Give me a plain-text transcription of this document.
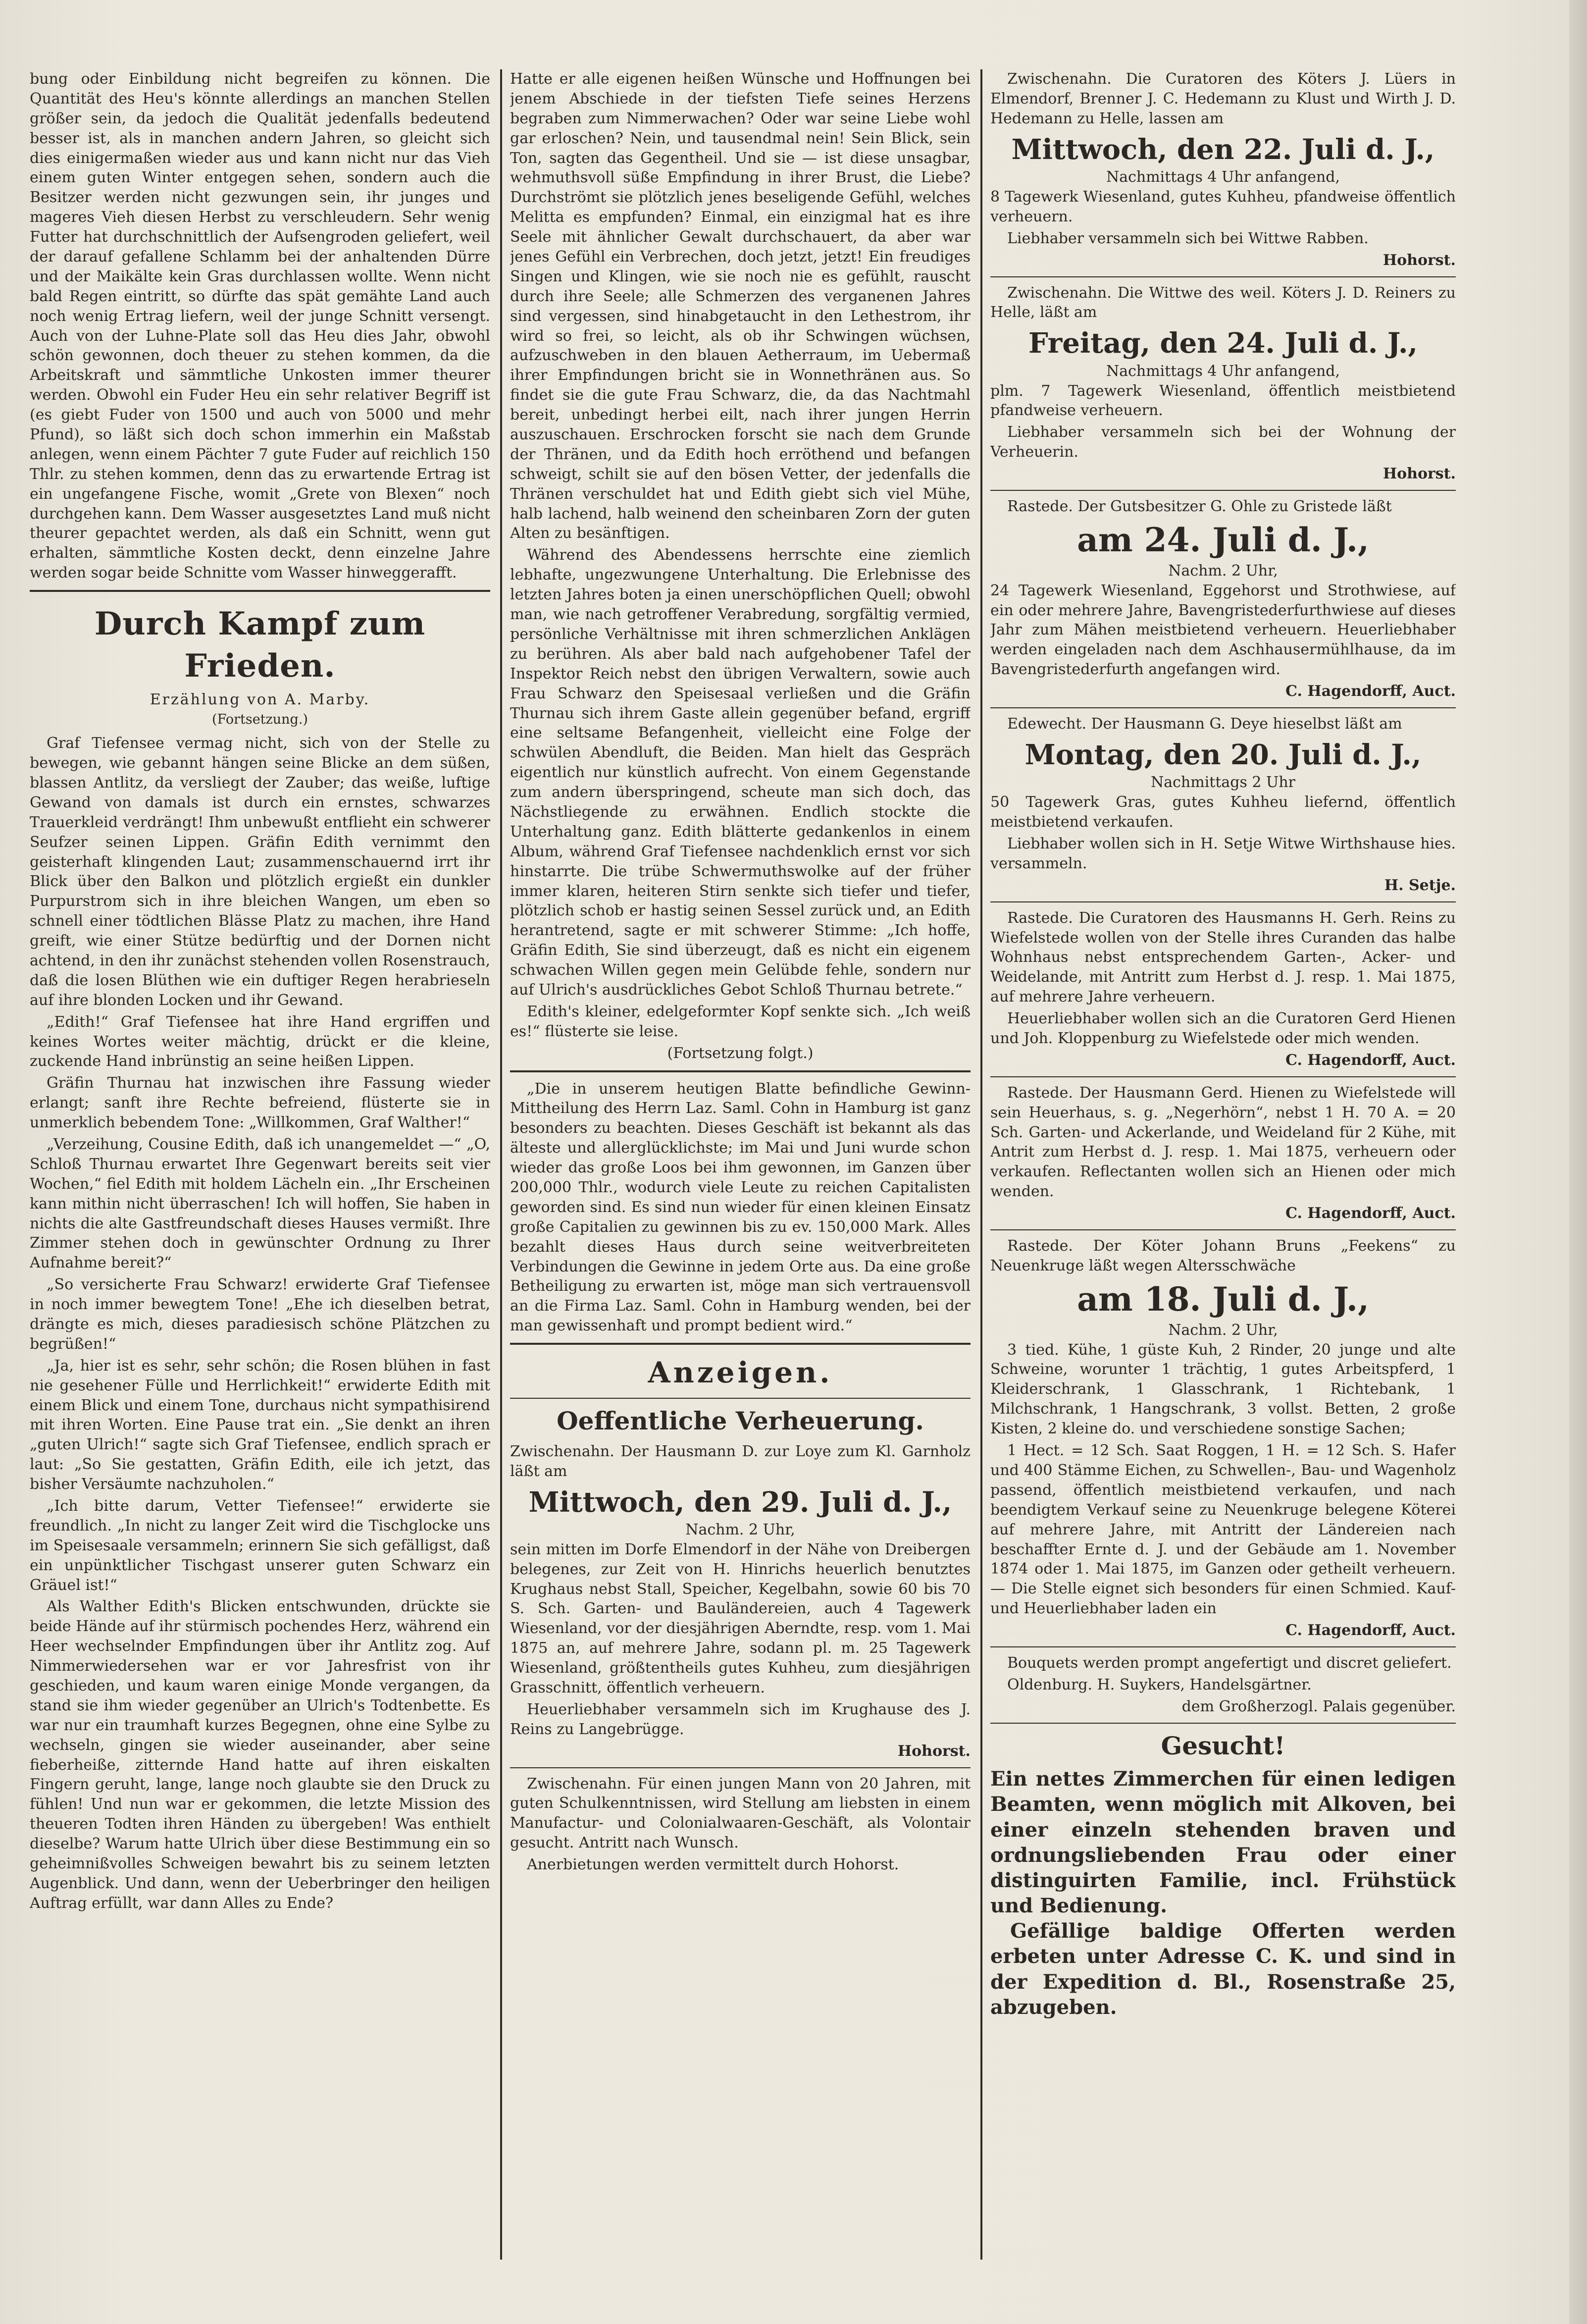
bung oder Einbildung nicht begreifen zu können. Die Quantität des Heu's könnte allerdings an manchen Stellen größer sein, da jedoch die Qualität jedenfalls bedeutend besser ist, als in manchen andern Jahren, so gleicht sich dies einigermaßen wieder aus und kann nicht nur das Vieh einem guten Winter entgegen sehen, sondern auch die Besitzer werden nicht gezwungen sein, ihr junges und mageres Vieh diesen Herbst zu verschleudern. Sehr wenig Futter hat durchschnittlich der Aufsengroden geliefert, weil der darauf gefallene Schlamm bei der anhaltenden Dürre und der Maikälte kein Gras durchlassen wollte. Wenn nicht bald Regen eintritt, so dürfte das spät gemähte Land auch noch wenig Ertrag liefern, weil der junge Schnitt versengt. Auch von der Luhne-Plate soll das Heu dies Jahr, obwohl schön gewonnen, doch theuer zu stehen kommen, da die Arbeitskraft und sämmtliche Unkosten immer theurer werden. Obwohl ein Fuder Heu ein sehr relativer Begriff ist (es giebt Fuder von 1500 und auch von 5000 und mehr Pfund), so läßt sich doch schon immerhin ein Maßstab anlegen, wenn einem Pächter 7 gute Fuder auf reichlich 150 Thlr. zu stehen kommen, denn das zu erwartende Ertrag ist ein ungefangene Fische, womit „Grete von Blexen“ noch durchgehen kann. Dem Wasser ausgesetztes Land muß nicht theurer gepachtet werden, als daß ein Schnitt, wenn gut erhalten, sämmtliche Kosten deckt, denn einzelne Jahre werden sogar beide Schnitte vom Wasser hinweggerafft.

Durch Kampf zum Frieden.
Erzählung von A. Marby.
(Fortsetzung.)

Graf Tiefensee vermag nicht, sich von der Stelle zu bewegen, wie gebannt hängen seine Blicke an dem süßen, blassen Antlitz, da versliegt der Zauber; das weiße, luftige Gewand von damals ist durch ein ernstes, schwarzes Trauerkleid verdrängt! Ihm unbewußt entflieht ein schwerer Seufzer seinen Lippen. Gräfin Edith vernimmt den geisterhaft klingenden Laut; zusammenschauernd irrt ihr Blick über den Balkon und plötzlich ergießt ein dunkler Purpurstrom sich in ihre bleichen Wangen, um eben so schnell einer tödtlichen Blässe Platz zu machen, ihre Hand greift, wie einer Stütze bedürftig und der Dornen nicht achtend, in den ihr zunächst stehenden vollen Rosenstrauch, daß die losen Blüthen wie ein duftiger Regen herabrieseln auf ihre blonden Locken und ihr Gewand.

„Edith!“ Graf Tiefensee hat ihre Hand ergriffen und keines Wortes weiter mächtig, drückt er die kleine, zuckende Hand inbrünstig an seine heißen Lippen.

Gräfin Thurnau hat inzwischen ihre Fassung wieder erlangt; sanft ihre Rechte befreiend, flüsterte sie in unmerklich bebendem Tone: „Willkommen, Graf Walther!“

„Verzeihung, Cousine Edith, daß ich unangemeldet —“ „O, Schloß Thurnau erwartet Ihre Gegenwart bereits seit vier Wochen,“ fiel Edith mit holdem Lächeln ein. „Ihr Erscheinen kann mithin nicht überraschen! Ich will hoffen, Sie haben in nichts die alte Gastfreundschaft dieses Hauses vermißt. Ihre Zimmer stehen doch in gewünschter Ordnung zu Ihrer Aufnahme bereit?“

„So versicherte Frau Schwarz! erwiderte Graf Tiefensee in noch immer bewegtem Tone! „Ehe ich dieselben betrat, drängte es mich, dieses paradiesisch schöne Plätzchen zu begrüßen!“

„Ja, hier ist es sehr, sehr schön; die Rosen blühen in fast nie gesehener Fülle und Herrlichkeit!“ erwiderte Edith mit einem Blick und einem Tone, durchaus nicht sympathisirend mit ihren Worten. Eine Pause trat ein. „Sie denkt an ihren „guten Ulrich!“ sagte sich Graf Tiefensee, endlich sprach er laut: „So Sie gestatten, Gräfin Edith, eile ich jetzt, das bisher Versäumte nachzuholen.“

„Ich bitte darum, Vetter Tiefensee!“ erwiderte sie freundlich. „In nicht zu langer Zeit wird die Tischglocke uns im Speisesaale versammeln; erinnern Sie sich gefälligst, daß ein unpünktlicher Tischgast unserer guten Schwarz ein Gräuel ist!“

Als Walther Edith's Blicken entschwunden, drückte sie beide Hände auf ihr stürmisch pochendes Herz, während ein Heer wechselnder Empfindungen über ihr Antlitz zog. Auf Nimmerwiedersehen war er vor Jahresfrist von ihr geschieden, und kaum waren einige Monde vergangen, da stand sie ihm wieder gegenüber an Ulrich's Todtenbette. Es war nur ein traumhaft kurzes Begegnen, ohne eine Sylbe zu wechseln, gingen sie wieder auseinander, aber seine fieberheiße, zitternde Hand hatte auf ihren eiskalten Fingern geruht, lange, lange noch glaubte sie den Druck zu fühlen! Und nun war er gekommen, die letzte Mission des theueren Todten ihren Händen zu übergeben! Was enthielt dieselbe? Warum hatte Ulrich über diese Bestimmung ein so geheimnißvolles Schweigen bewahrt bis zu seinem letzten Augenblick. Und dann, wenn der Ueberbringer den heiligen Auftrag erfüllt, war dann Alles zu Ende?

Hatte er alle eigenen heißen Wünsche und Hoffnungen bei jenem Abschiede in der tiefsten Tiefe seines Herzens begraben zum Nimmerwachen? Oder war seine Liebe wohl gar erloschen? Nein, und tausendmal nein! Sein Blick, sein Ton, sagten das Gegentheil. Und sie — ist diese unsagbar, wehmuthsvoll süße Empfindung in ihrer Brust, die Liebe? Durchströmt sie plötzlich jenes beseligende Gefühl, welches Melitta es empfunden? Einmal, ein einzigmal hat es ihre Seele mit ähnlicher Gewalt durchschauert, da aber war jenes Gefühl ein Verbrechen, doch jetzt, jetzt! Ein freudiges Singen und Klingen, wie sie noch nie es gefühlt, rauscht durch ihre Seele; alle Schmerzen des verganenen Jahres sind vergessen, sind hinabgetaucht in den Lethestrom, ihr wird so frei, so leicht, als ob ihr Schwingen wüchsen, aufzuschweben in den blauen Aetherraum, im Uebermaß ihrer Empfindungen bricht sie in Wonnethränen aus. So findet sie die gute Frau Schwarz, die, da das Nachtmahl bereit, unbedingt herbei eilt, nach ihrer jungen Herrin auszuschauen. Erschrocken forscht sie nach dem Grunde der Thränen, und da Edith hoch erröthend und befangen schweigt, schilt sie auf den bösen Vetter, der jedenfalls die Thränen verschuldet hat und Edith giebt sich viel Mühe, halb lachend, halb weinend den scheinbaren Zorn der guten Alten zu besänftigen.

Während des Abendessens herrschte eine ziemlich lebhafte, ungezwungene Unterhaltung. Die Erlebnisse des letzten Jahres boten ja einen unerschöpflichen Quell; obwohl man, wie nach getroffener Verabredung, sorgfältig vermied, persönliche Verhältnisse mit ihren schmerzlichen Anklägen zu berühren. Als aber bald nach aufgehobener Tafel der Inspektor Reich nebst den übrigen Verwaltern, sowie auch Frau Schwarz den Speisesaal verließen und die Gräfin Thurnau sich ihrem Gaste allein gegenüber befand, ergriff eine seltsame Befangenheit, vielleicht eine Folge der schwülen Abendluft, die Beiden. Man hielt das Gespräch eigentlich nur künstlich aufrecht. Von einem Gegenstande zum andern überspringend, scheute man sich doch, das Nächstliegende zu erwähnen. Endlich stockte die Unterhaltung ganz. Edith blätterte gedankenlos in einem Album, während Graf Tiefensee nachdenklich ernst vor sich hinstarrte. Die trübe Schwermuthswolke auf der früher immer klaren, heiteren Stirn senkte sich tiefer und tiefer, plötzlich schob er hastig seinen Sessel zurück und, an Edith herantretend, sagte er mit schwerer Stimme: „Ich hoffe, Gräfin Edith, Sie sind überzeugt, daß es nicht ein eigenem schwachen Willen gegen mein Gelübde fehle, sondern nur auf Ulrich's ausdrückliches Gebot Schloß Thurnau betrete.“

Edith's kleiner, edelgeformter Kopf senkte sich. „Ich weiß es!“ flüsterte sie leise.

(Fortsetzung folgt.)

„Die in unserem heutigen Blatte befindliche Gewinn-Mittheilung des Herrn Laz. Saml. Cohn in Hamburg ist ganz besonders zu beachten. Dieses Geschäft ist bekannt als das älteste und allerglücklichste; im Mai und Juni wurde schon wieder das große Loos bei ihm gewonnen, im Ganzen über 200,000 Thlr., wodurch viele Leute zu reichen Capitalisten geworden sind. Es sind nun wieder für einen kleinen Einsatz große Capitalien zu gewinnen bis zu ev. 150,000 Mark. Alles bezahlt dieses Haus durch seine weitverbreiteten Verbindungen die Gewinne in jedem Orte aus. Da eine große Betheiligung zu erwarten ist, möge man sich vertrauensvoll an die Firma Laz. Saml. Cohn in Hamburg wenden, bei der man gewissenhaft und prompt bedient wird.“

Anzeigen.
Oeffentliche Verheuerung.

Zwischenahn. Der Hausmann D. zur Loye zum Kl. Garnholz läßt am

Mittwoch, den 29. Juli d. J.,
Nachm. 2 Uhr,

sein mitten im Dorfe Elmendorf in der Nähe von Dreibergen belegenes, zur Zeit von H. Hinrichs heuerlich benutztes Krughaus nebst Stall, Speicher, Kegelbahn, sowie 60 bis 70 S. Sch. Garten- und Bauländereien, auch 4 Tagewerk Wiesenland, vor der diesjährigen Aberndte, resp. vom 1. Mai 1875 an, auf mehrere Jahre, sodann pl. m. 25 Tagewerk Wiesenland, größtentheils gutes Kuhheu, zum diesjährigen Grasschnitt, öffentlich verheuern.

Heuerliebhaber versammeln sich im Krughause des J. Reins zu Langebrügge.

Hohorst.

Zwischenahn. Für einen jungen Mann von 20 Jahren, mit guten Schulkenntnissen, wird Stellung am liebsten in einem Manufactur- und Colonialwaaren-Geschäft, als Volontair gesucht. Antritt nach Wunsch.

Anerbietungen werden vermittelt durch Hohorst.

Zwischenahn. Die Curatoren des Köters J. Lüers in Elmendorf, Brenner J. C. Hedemann zu Klust und Wirth J. D. Hedemann zu Helle, lassen am

Mittwoch, den 22. Juli d. J.,
Nachmittags 4 Uhr anfangend,

8 Tagewerk Wiesenland, gutes Kuhheu, pfandweise öffentlich verheuern.

Liebhaber versammeln sich bei Wittwe Rabben.

Hohorst.

Zwischenahn. Die Wittwe des weil. Köters J. D. Reiners zu Helle, läßt am

Freitag, den 24. Juli d. J.,
Nachmittags 4 Uhr anfangend,

plm. 7 Tagewerk Wiesenland, öffentlich meistbietend pfandweise verheuern.

Liebhaber versammeln sich bei der Wohnung der Verheuerin.

Hohorst.

Rastede. Der Gutsbesitzer G. Ohle zu Gristede läßt

am 24. Juli d. J.,
Nachm. 2 Uhr,

24 Tagewerk Wiesenland, Eggehorst und Strothwiese, auf ein oder mehrere Jahre, Bavengristederfurthwiese auf dieses Jahr zum Mähen meistbietend verheuern. Heuerliebhaber werden eingeladen nach dem Aschhausermühlhause, da im Bavengristederfurth angefangen wird.

C. Hagendorff, Auct.

Edewecht. Der Hausmann G. Deye hieselbst läßt am

Montag, den 20. Juli d. J.,
Nachmittags 2 Uhr

50 Tagewerk Gras, gutes Kuhheu liefernd, öffentlich meistbietend verkaufen.

Liebhaber wollen sich in H. Setje Witwe Wirthshause hies. versammeln.

H. Setje.

Rastede. Die Curatoren des Hausmanns H. Gerh. Reins zu Wiefelstede wollen von der Stelle ihres Curanden das halbe Wohnhaus nebst entsprechendem Garten-, Acker- und Weidelande, mit Antritt zum Herbst d. J. resp. 1. Mai 1875, auf mehrere Jahre verheuern.

Heuerliebhaber wollen sich an die Curatoren Gerd Hienen und Joh. Kloppenburg zu Wiefelstede oder mich wenden.

C. Hagendorff, Auct.

Rastede. Der Hausmann Gerd. Hienen zu Wiefelstede will sein Heuerhaus, s. g. „Negerhörn“, nebst 1 H. 70 A. = 20 Sch. Garten- und Ackerlande, und Weideland für 2 Kühe, mit Antrit zum Herbst d. J. resp. 1. Mai 1875, verheuern oder verkaufen. Reflectanten wollen sich an Hienen oder mich wenden.

C. Hagendorff, Auct.

Rastede. Der Köter Johann Bruns „Feekens“ zu Neuenkruge läßt wegen Altersschwäche

am 18. Juli d. J.,
Nachm. 2 Uhr,

3 tied. Kühe, 1 güste Kuh, 2 Rinder, 20 junge und alte Schweine, worunter 1 trächtig, 1 gutes Arbeitspferd, 1 Kleiderschrank, 1 Glasschrank, 1 Richtebank, 1 Milchschrank, 1 Hangschrank, 3 vollst. Betten, 2 große Kisten, 2 kleine do. und verschiedene sonstige Sachen;

1 Hect. = 12 Sch. Saat Roggen, 1 H. = 12 Sch. S. Hafer und 400 Stämme Eichen, zu Schwellen-, Bau- und Wagenholz passend, öffentlich meistbietend verkaufen, und nach beendigtem Verkauf seine zu Neuenkruge belegene Köterei auf mehrere Jahre, mit Antritt der Ländereien nach beschaffter Ernte d. J. und der Gebäude am 1. November 1874 oder 1. Mai 1875, im Ganzen oder getheilt verheuern. — Die Stelle eignet sich besonders für einen Schmied. Kauf- und Heuerliebhaber laden ein

C. Hagendorff, Auct.

Bouquets werden prompt angefertigt und discret geliefert.

Oldenburg. H. Suykers, Handelsgärtner.

dem Großherzogl. Palais gegenüber.
Gesucht!
Ein nettes Zimmerchen für einen ledigen Beamten, wenn möglich mit Alkoven, bei einer einzeln stehenden braven und ordnungsliebenden Frau oder einer distinguirten Familie, incl. Frühstück und Bedienung.
Gefällige baldige Offerten werden erbeten unter Adresse C. K. und sind in der Expedition d. Bl., Rosenstraße 25, abzugeben.
